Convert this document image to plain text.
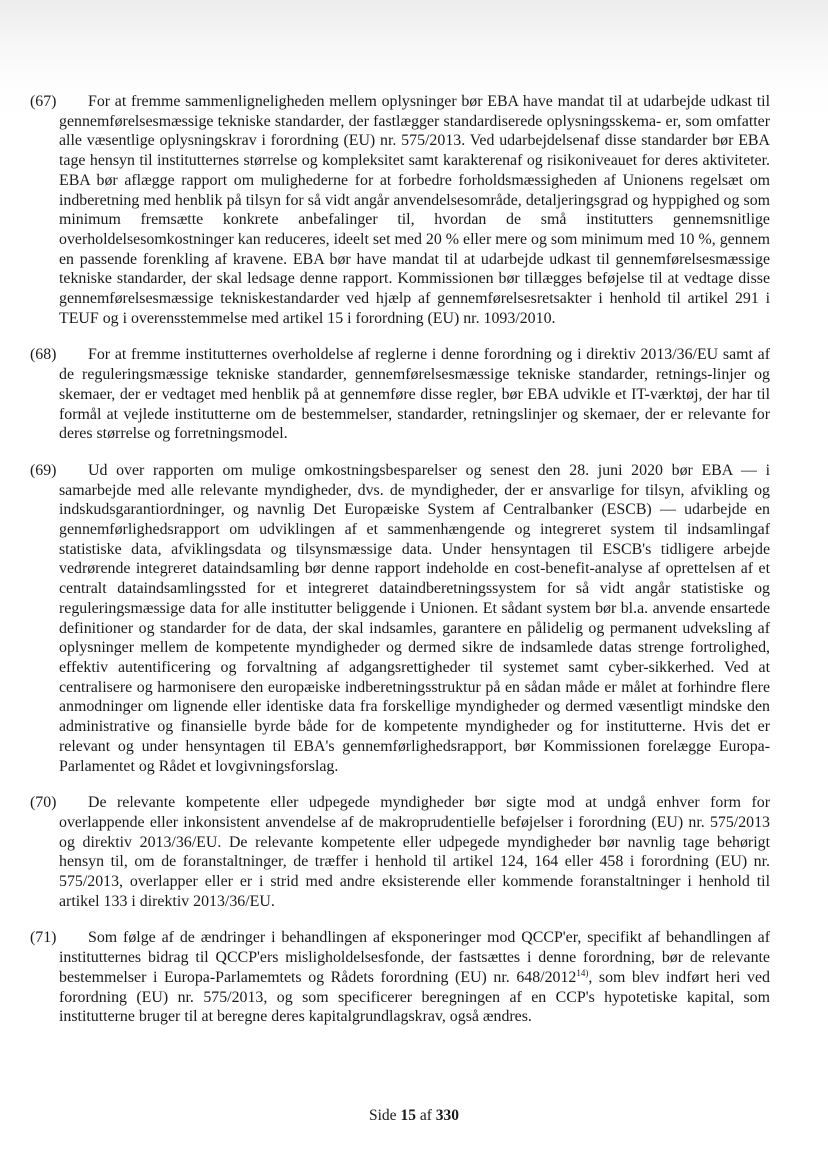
(67) For at fremme sammenligneligheden mellem oplysninger bør EBA have mandat til at udarbejde udkast til gennemførelsesmæssige tekniske standarder, der fastlægger standardiserede oplysningsskema- er, som omfatter alle væsentlige oplysningskrav i forordning (EU) nr. 575/2013. Ved udarbejdelsenaf disse standarder bør EBA tage hensyn til institutternes størrelse og kompleksitet samt karakterenaf og risikoniveauet for deres aktiviteter. EBA bør aflægge rapport om mulighederne for at forbedre forholdsmæssigheden af Unionens regelsæt om indberetning med henblik på tilsyn for så vidt angår anvendelsesområde, detaljeringsgrad og hyppighed og som minimum fremsætte konkrete anbefalinger til, hvordan de små institutters gennemsnitlige overholdelsesomkostninger kan reduceres, ideelt set med 20 % eller mere og som minimum med 10 %, gennem en passende forenkling af kravene. EBA bør have mandat til at udarbejde udkast til gennemførelsesmæssige tekniske standarder, der skal ledsage denne rapport. Kommissionen bør tillægges beføjelse til at vedtage disse gennemførelsesmæssige tekniskestandarder ved hjælp af gennemførelsesretsakter i henhold til artikel 291 i TEUF og i overensstemmelse med artikel 15 i forordning (EU) nr. 1093/2010.

(68) For at fremme institutternes overholdelse af reglerne i denne forordning og i direktiv 2013/36/EU samt af de reguleringsmæssige tekniske standarder, gennemførelsesmæssige tekniske standarder, retnings-linjer og skemaer, der er vedtaget med henblik på at gennemføre disse regler, bør EBA udvikle et IT-værktøj, der har til formål at vejlede institutterne om de bestemmelser, standarder, retningslinjer og skemaer, der er relevante for deres størrelse og forretningsmodel.

(69) Ud over rapporten om mulige omkostningsbesparelser og senest den 28. juni 2020 bør EBA — i samarbejde med alle relevante myndigheder, dvs. de myndigheder, der er ansvarlige for tilsyn, afvikling og indskudsgarantiordninger, og navnlig Det Europæiske System af Centralbanker (ESCB) — udarbejde en gennemførlighedsrapport om udviklingen af et sammenhængende og integreret system til indsamlingaf statistiske data, afviklingsdata og tilsynsmæssige data. Under hensyntagen til ESCB's tidligere arbejde vedrørende integreret dataindsamling bør denne rapport indeholde en cost-benefit-analyse af oprettelsen af et centralt dataindsamlingssted for et integreret dataindberetningssystem for så vidt angår statistiske og reguleringsmæssige data for alle institutter beliggende i Unionen. Et sådant system bør bl.a. anvende ensartede definitioner og standarder for de data, der skal indsamles, garantere en pålidelig og permanent udveksling af oplysninger mellem de kompetente myndigheder og dermed sikre de indsamlede datas strenge fortrolighed, effektiv autentificering og forvaltning af adgangsrettigheder til systemet samt cyber-sikkerhed. Ved at centralisere og harmonisere den europæiske indberetningsstruktur på en sådan måde er målet at forhindre flere anmodninger om lignende eller identiske data fra forskellige myndigheder og dermed væsentligt mindske den administrative og finansielle byrde både for de kompetente myndigheder og for institutterne. Hvis det er relevant og under hensyntagen til EBA's gennemførlighedsrapport, bør Kommissionen forelægge Europa-Parlamentet og Rådet et lovgivningsforslag.

(70) De relevante kompetente eller udpegede myndigheder bør sigte mod at undgå enhver form for overlappende eller inkonsistent anvendelse af de makroprudentielle beføjelser i forordning (EU) nr. 575/2013 og direktiv 2013/36/EU. De relevante kompetente eller udpegede myndigheder bør navnlig tage behørigt hensyn til, om de foranstaltninger, de træffer i henhold til artikel 124, 164 eller 458 i forordning (EU) nr. 575/2013, overlapper eller er i strid med andre eksisterende eller kommende foranstaltninger i henhold til artikel 133 i direktiv 2013/36/EU.

(71) Som følge af de ændringer i behandlingen af eksponeringer mod QCCP'er, specifikt af behandlingen af institutternes bidrag til QCCP'ers misligholdelsesfonde, der fastsættes i denne forordning, bør de relevante bestemmelser i Europa-Parlamemtets og Rådets forordning (EU) nr. 648/2012$^{14)}$, som blev indført heri ved forordning (EU) nr. 575/2013, og som specificerer beregningen af en CCP's hypotetiske kapital, som institutterne bruger til at beregne deres kapitalgrundlagskrav, også ændres.

Side 15 af 330
